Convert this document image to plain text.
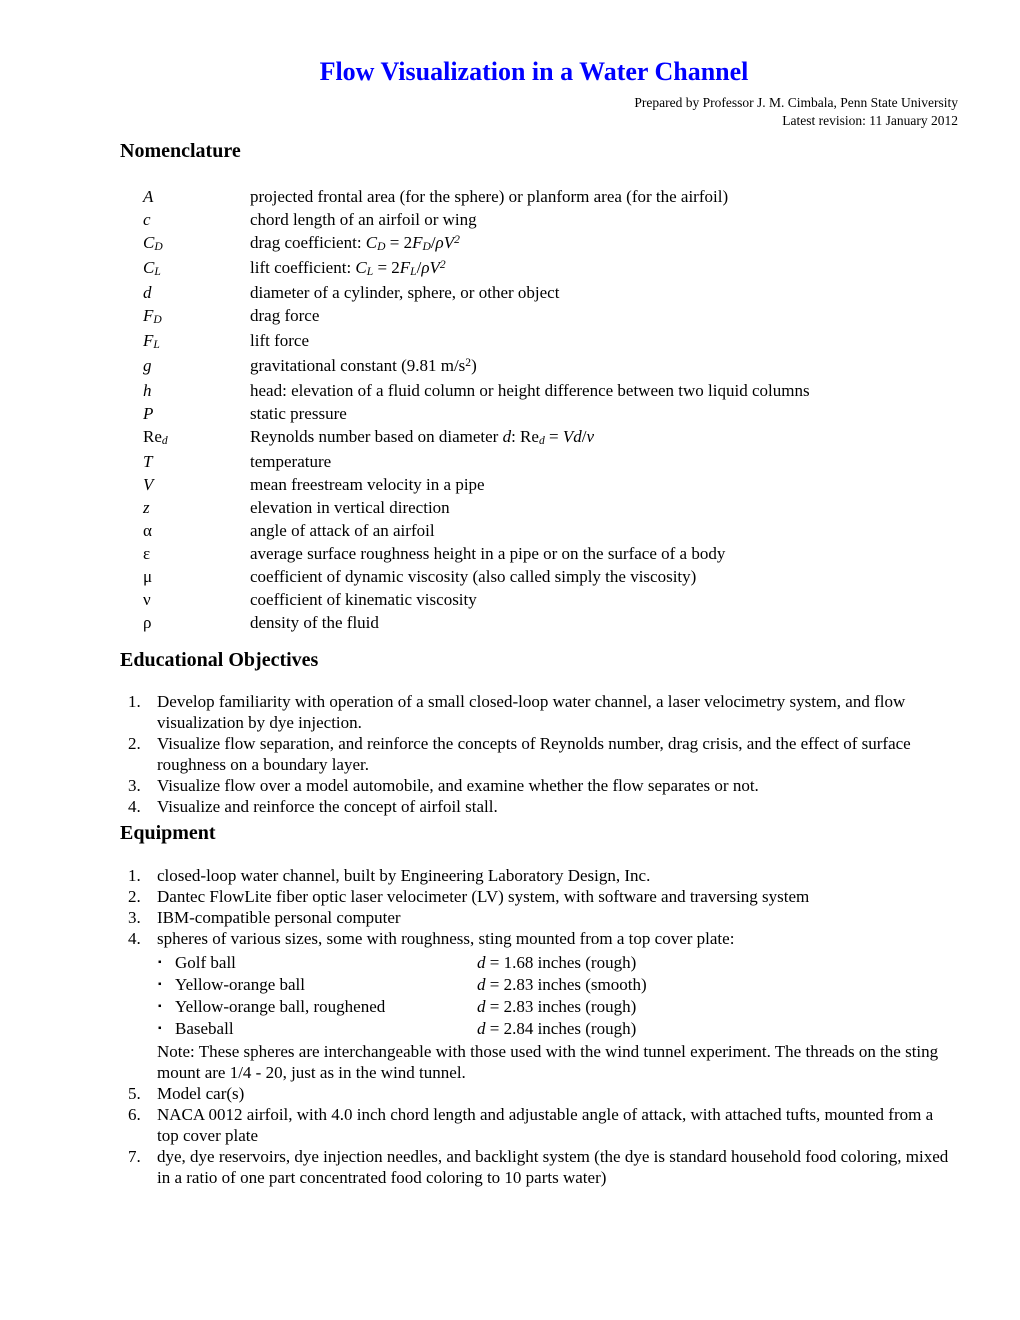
Flow Visualization in a Water Channel
Prepared by Professor J. M. Cimbala, Penn State University
Latest revision: 11 January 2012
Nomenclature
A	projected frontal area (for the sphere) or planform area (for the airfoil)
c	chord length of an airfoil or wing
CD	drag coefficient: CD = $2FD/\rho V^2$
CL	lift coefficient: CL = $2FL/\rho V^2$
d	diameter of a cylinder, sphere, or other object
FD	drag force
FL	lift force
g	gravitational constant (9.81 $m/s^2$)
h	head: elevation of a fluid column or height difference between two liquid columns
P	static pressure
Red	Reynolds number based on diameter d: Red = Vd/ν
T	temperature
V	mean freestream velocity in a pipe
z	elevation in vertical direction
α	angle of attack of an airfoil
ε	average surface roughness height in a pipe or on the surface of a body
μ	coefficient of dynamic viscosity (also called simply the viscosity)
ν	coefficient of kinematic viscosity
ρ	density of the fluid
Educational Objectives
1. Develop familiarity with operation of a small closed-loop water channel, a laser velocimetry system, and flow visualization by dye injection.
2. Visualize flow separation, and reinforce the concepts of Reynolds number, drag crisis, and the effect of surface roughness on a boundary layer.
3. Visualize flow over a model automobile, and examine whether the flow separates or not.
4. Visualize and reinforce the concept of airfoil stall.
Equipment
1. closed-loop water channel, built by Engineering Laboratory Design, Inc.
2. Dantec FlowLite fiber optic laser velocimeter (LV) system, with software and traversing system
3. IBM-compatible personal computer
4. spheres of various sizes, some with roughness, sting mounted from a top cover plate:
▪ Golf ball	d = 1.68 inches (rough)
▪ Yellow-orange ball	d = 2.83 inches (smooth)
▪ Yellow-orange ball, roughened	d = 2.83 inches (rough)
▪ Baseball	d = 2.84 inches (rough)
Note: These spheres are interchangeable with those used with the wind tunnel experiment. The threads on the sting mount are 1/4 - 20, just as in the wind tunnel.
5. Model car(s)
6. NACA 0012 airfoil, with 4.0 inch chord length and adjustable angle of attack, with attached tufts, mounted from a top cover plate
7. dye, dye reservoirs, dye injection needles, and backlight system (the dye is standard household food coloring, mixed in a ratio of one part concentrated food coloring to 10 parts water)
